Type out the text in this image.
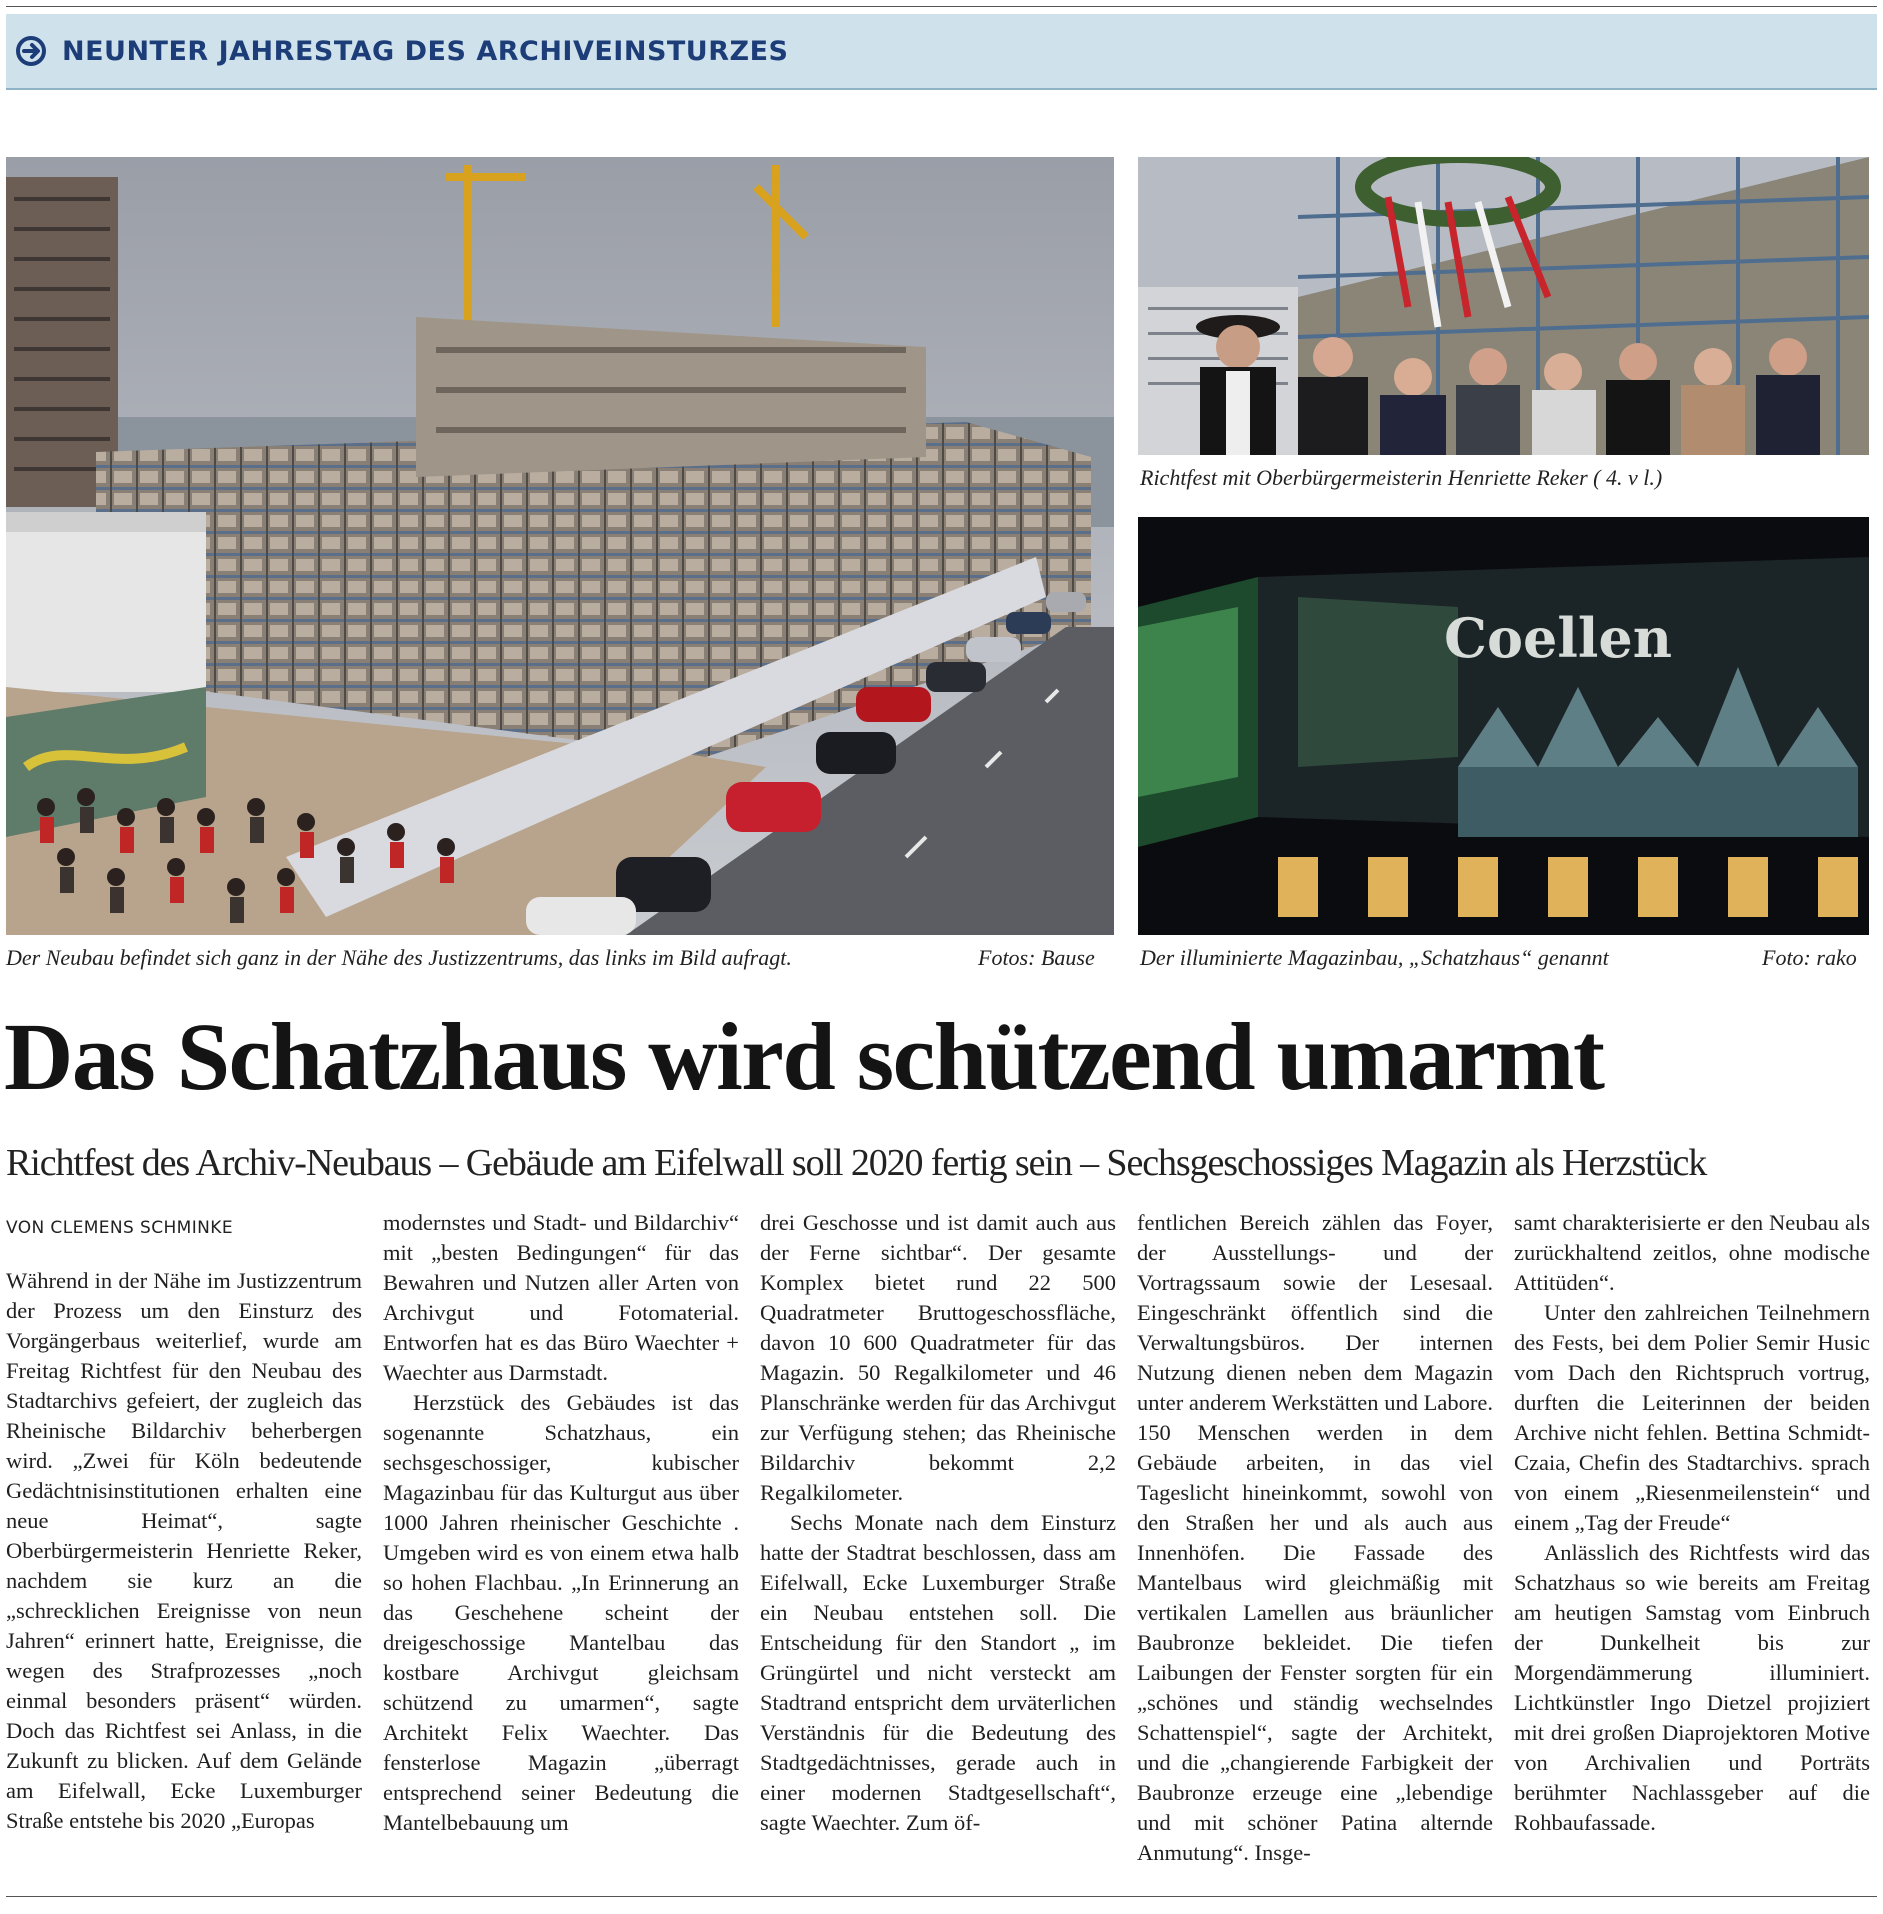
NEUNTER JAHRESTAG DES ARCHIVEINSTURZES
Coellen
Richtfest mit Oberbürgermeisterin Henriette Reker ( 4. v l.)
Der Neubau befindet sich ganz in der Nähe des Justizzentrums, das links im Bild aufragt.	Fotos: Bause Der illuminierte Magazinbau, „Schatzhaus“ genannt	Foto: rako
Das Schatzhaus wird schützend umarmt
Richtfest des Archiv-Neubaus – Gebäude am Eifelwall soll 2020 fertig sein – Sechsgeschossiges Magazin als Herzstück
VON CLEMENS SCHMINKE

Während in der Nähe im Justizzentrum der Prozess um den Einsturz des Vorgängerbaus weiterlief, wurde am Freitag Richtfest für den Neubau des Stadtarchivs gefeiert, der zugleich das Rheinische Bildarchiv beherbergen wird. „Zwei für Köln bedeutende Gedächtnisinstitutionen erhalten eine neue Heimat“, sagte Oberbürgermeisterin Henriette Reker, nachdem sie kurz an die „schrecklichen Ereignisse von neun Jahren“ erinnert hatte, Ereignisse, die wegen des Strafprozesses „noch einmal besonders präsent“ würden. Doch das Richtfest sei Anlass, in die Zukunft zu blicken. Auf dem Gelände am Eifelwall, Ecke Luxemburger Straße entstehe bis 2020 „Europas

modernstes und Stadt- und Bildarchiv“ mit „besten Bedingungen“ für das Bewahren und Nutzen aller Arten von Archivgut und Fotomaterial. Entworfen hat es das Büro Waechter + Waechter aus Darmstadt.

Herzstück des Gebäudes ist das sogenannte Schatzhaus, ein sechsgeschossiger, kubischer Magazinbau für das Kulturgut aus über 1000 Jahren rheinischer Geschichte . Umgeben wird es von einem etwa halb so hohen Flachbau. „In Erinnerung an das Geschehene scheint der dreigeschossige Mantelbau das kostbare Archivgut gleichsam schützend zu umarmen“, sagte Architekt Felix Waechter. Das fensterlose Magazin „überragt entsprechend seiner Bedeutung die Mantelbebauung um

drei Geschosse und ist damit auch aus der Ferne sichtbar“. Der gesamte Komplex bietet rund 22 500 Quadratmeter Bruttogeschossfläche, davon 10 600 Quadratmeter für das Magazin. 50 Regalkilometer und 46 Planschränke werden für das Archivgut zur Verfügung stehen; das Rheinische Bildarchiv bekommt 2,2 Regalkilometer.

Sechs Monate nach dem Einsturz hatte der Stadtrat beschlossen, dass am Eifelwall, Ecke Luxemburger Straße ein Neubau entstehen soll. Die Entscheidung für den Standort „ im Grüngürtel und nicht versteckt am Stadtrand entspricht dem urväterlichen Verständnis für die Bedeutung des Stadtgedächtnisses, gerade auch in einer modernen Stadtgesellschaft“, sagte Waechter. Zum öf-

fentlichen Bereich zählen das Foyer, der Ausstellungs- und der Vortragssaum sowie der Lesesaal. Eingeschränkt öffentlich sind die Verwaltungsbüros. Der internen Nutzung dienen neben dem Magazin unter anderem Werkstätten und Labore. 150 Menschen werden in dem Gebäude arbeiten, in das viel Tageslicht hineinkommt, sowohl von den Straßen her und als auch aus Innenhöfen. Die Fassade des Mantelbaus wird gleichmäßig mit vertikalen Lamellen aus bräunlicher Baubronze bekleidet. Die tiefen Laibungen der Fenster sorgten für ein „schönes und ständig wechselndes Schattenspiel“, sagte der Architekt, und die „changierende Farbigkeit der Baubronze erzeuge eine „lebendige und mit schöner Patina alternde Anmutung“. Insge-

samt charakterisierte er den Neubau als zurückhaltend zeitlos, ohne modische Attitüden“.

Unter den zahlreichen Teilnehmern des Fests, bei dem Polier Semir Husic vom Dach den Richtspruch vortrug, durften die Leiterinnen der beiden Archive nicht fehlen. Bettina Schmidt-Czaia, Chefin des Stadtarchivs. sprach von einem „Riesenmeilenstein“ und einem „Tag der Freude“

Anlässlich des Richtfests wird das Schatzhaus so wie bereits am Freitag am heutigen Samstag vom Einbruch der Dunkelheit bis zur Morgendämmerung illuminiert. Lichtkünstler Ingo Dietzel projiziert mit drei großen Diaprojektoren Motive von Archivalien und Porträts berühmter Nachlassgeber auf die Rohbaufassade.
